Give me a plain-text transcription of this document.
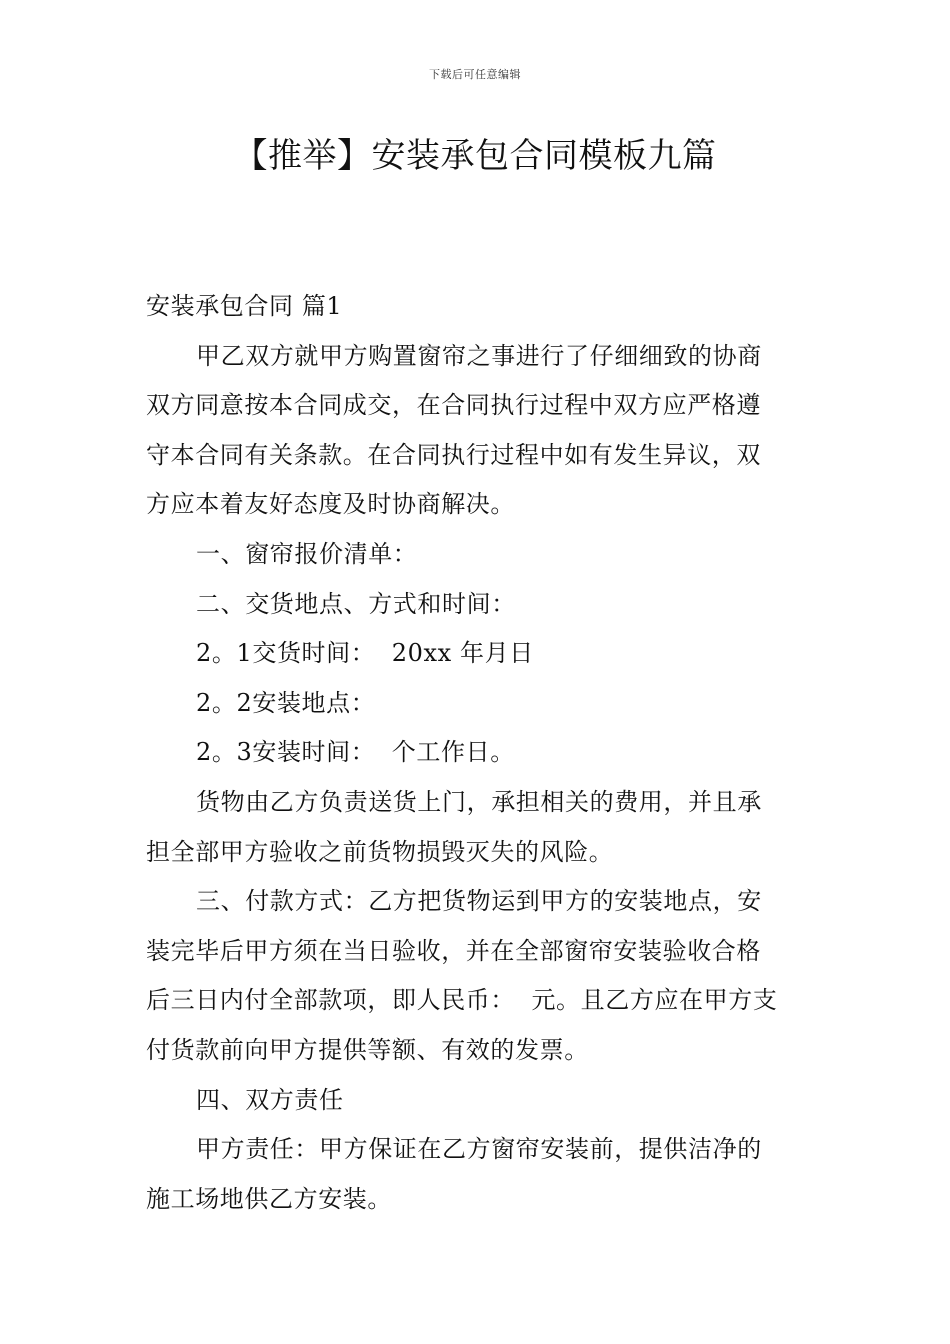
下载后可任意编辑
【推举】安装承包合同模板九篇
安装承包合同 篇1
甲乙双方就甲方购置窗帘之事进行了仔细细致的协商
双方同意按本合同成交，在合同执行过程中双方应严格遵
守本合同有关条款。在合同执行过程中如有发生异议，双
方应本着友好态度及时协商解决。
一、窗帘报价清单：
二、交货地点、方式和时间：
2。1交货时间：  20xx 年月日
2。2安装地点：
2。3安装时间：  个工作日。
货物由乙方负责送货上门，承担相关的费用，并且承
担全部甲方验收之前货物损毁灭失的风险。
三、付款方式：乙方把货物运到甲方的安装地点，安
装完毕后甲方须在当日验收，并在全部窗帘安装验收合格
后三日内付全部款项，即人民币：  元。且乙方应在甲方支
付货款前向甲方提供等额、有效的发票。
四、双方责任
甲方责任：甲方保证在乙方窗帘安装前，提供洁净的
施工场地供乙方安装。
